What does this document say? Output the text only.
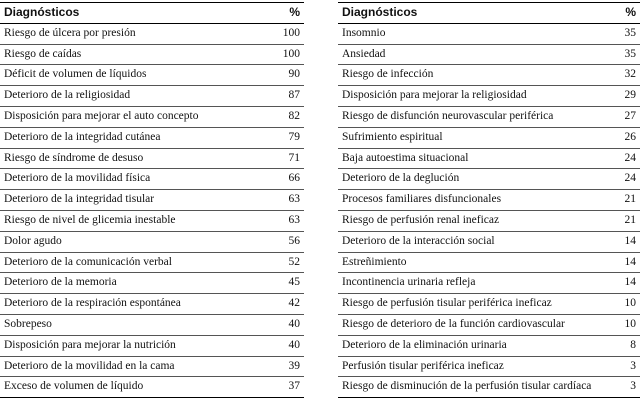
Diagnósticos	%
Riesgo de úlcera por presión	100
Riesgo de caídas	100
Déficit de volumen de líquidos	90
Deterioro de la religiosidad	87
Disposición para mejorar el auto concepto	82
Deterioro de la integridad cutánea	79
Riesgo de síndrome de desuso	71
Deterioro de la movilidad física	66
Deterioro de la integridad tisular	63
Riesgo de nivel de glicemia inestable	63
Dolor agudo	56
Deterioro de la comunicación verbal	52
Deterioro de la memoria	45
Deterioro de la respiración espontánea	42
Sobrepeso	40
Disposición para mejorar la nutrición	40
Deterioro de la movilidad en la cama	39
Exceso de volumen de líquido	37
Diagnósticos	%
Insomnio	35
Ansiedad	35
Riesgo de infección	32
Disposición para mejorar la religiosidad	29
Riesgo de disfunción neurovascular periférica	27
Sufrimiento espiritual	26
Baja autoestima situacional	24
Deterioro de la deglución	24
Procesos familiares disfuncionales	21
Riesgo de perfusión renal ineficaz	21
Deterioro de la interacción social	14
Estreñimiento	14
Incontinencia urinaria refleja	14
Riesgo de perfusión tisular periférica ineficaz	10
Riesgo de deterioro de la función cardiovascular	10
Deterioro de la eliminación urinaria	8
Perfusión tisular periférica ineficaz	3
Riesgo de disminución de la perfusión tisular cardíaca	3
